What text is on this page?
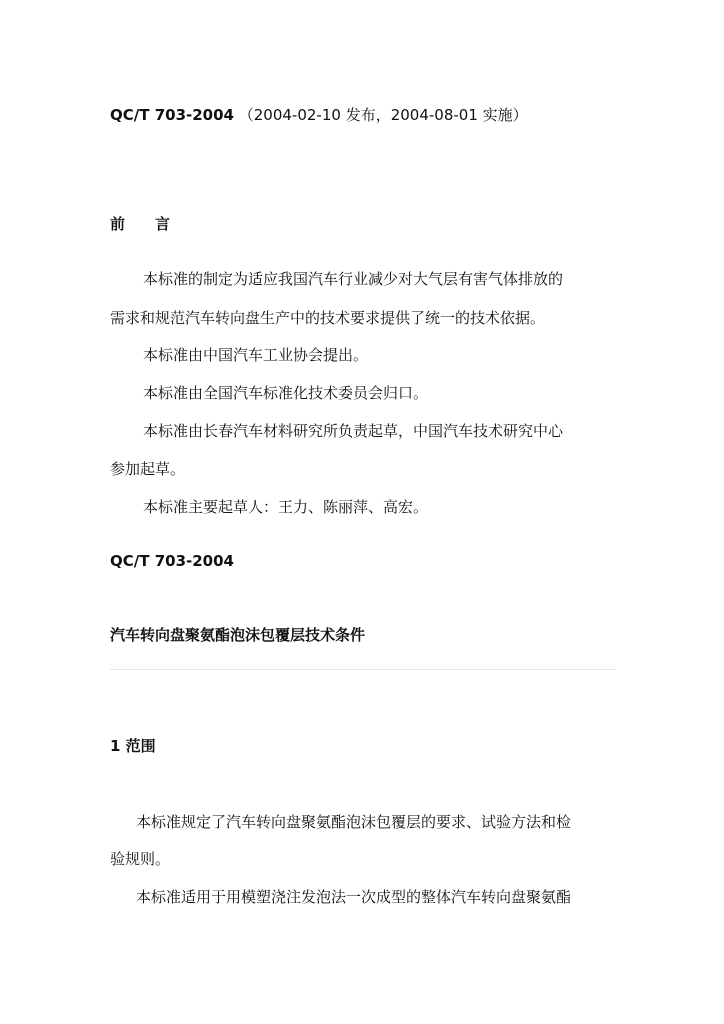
QC/T 703-2004 （2004-02-10 发布，2004-08-01 实施）

前　　言

本标准的制定为适应我国汽车行业减少对大气层有害气体排放的

需求和规范汽车转向盘生产中的技术要求提供了统一的技术依据。

本标准由中国汽车工业协会提出。

本标准由全国汽车标准化技术委员会归口。

本标准由长春汽车材料研究所负责起草，中国汽车技术研究中心

参加起草。

本标准主要起草人：王力、陈丽萍、高宏。

QC/T 703-2004

汽车转向盘聚氨酯泡沫包覆层技术条件

1 范围

本标准规定了汽车转向盘聚氨酯泡沫包覆层的要求、试验方法和检

验规则。

本标准适用于用模塑浇注发泡法一次成型的整体汽车转向盘聚氨酯
